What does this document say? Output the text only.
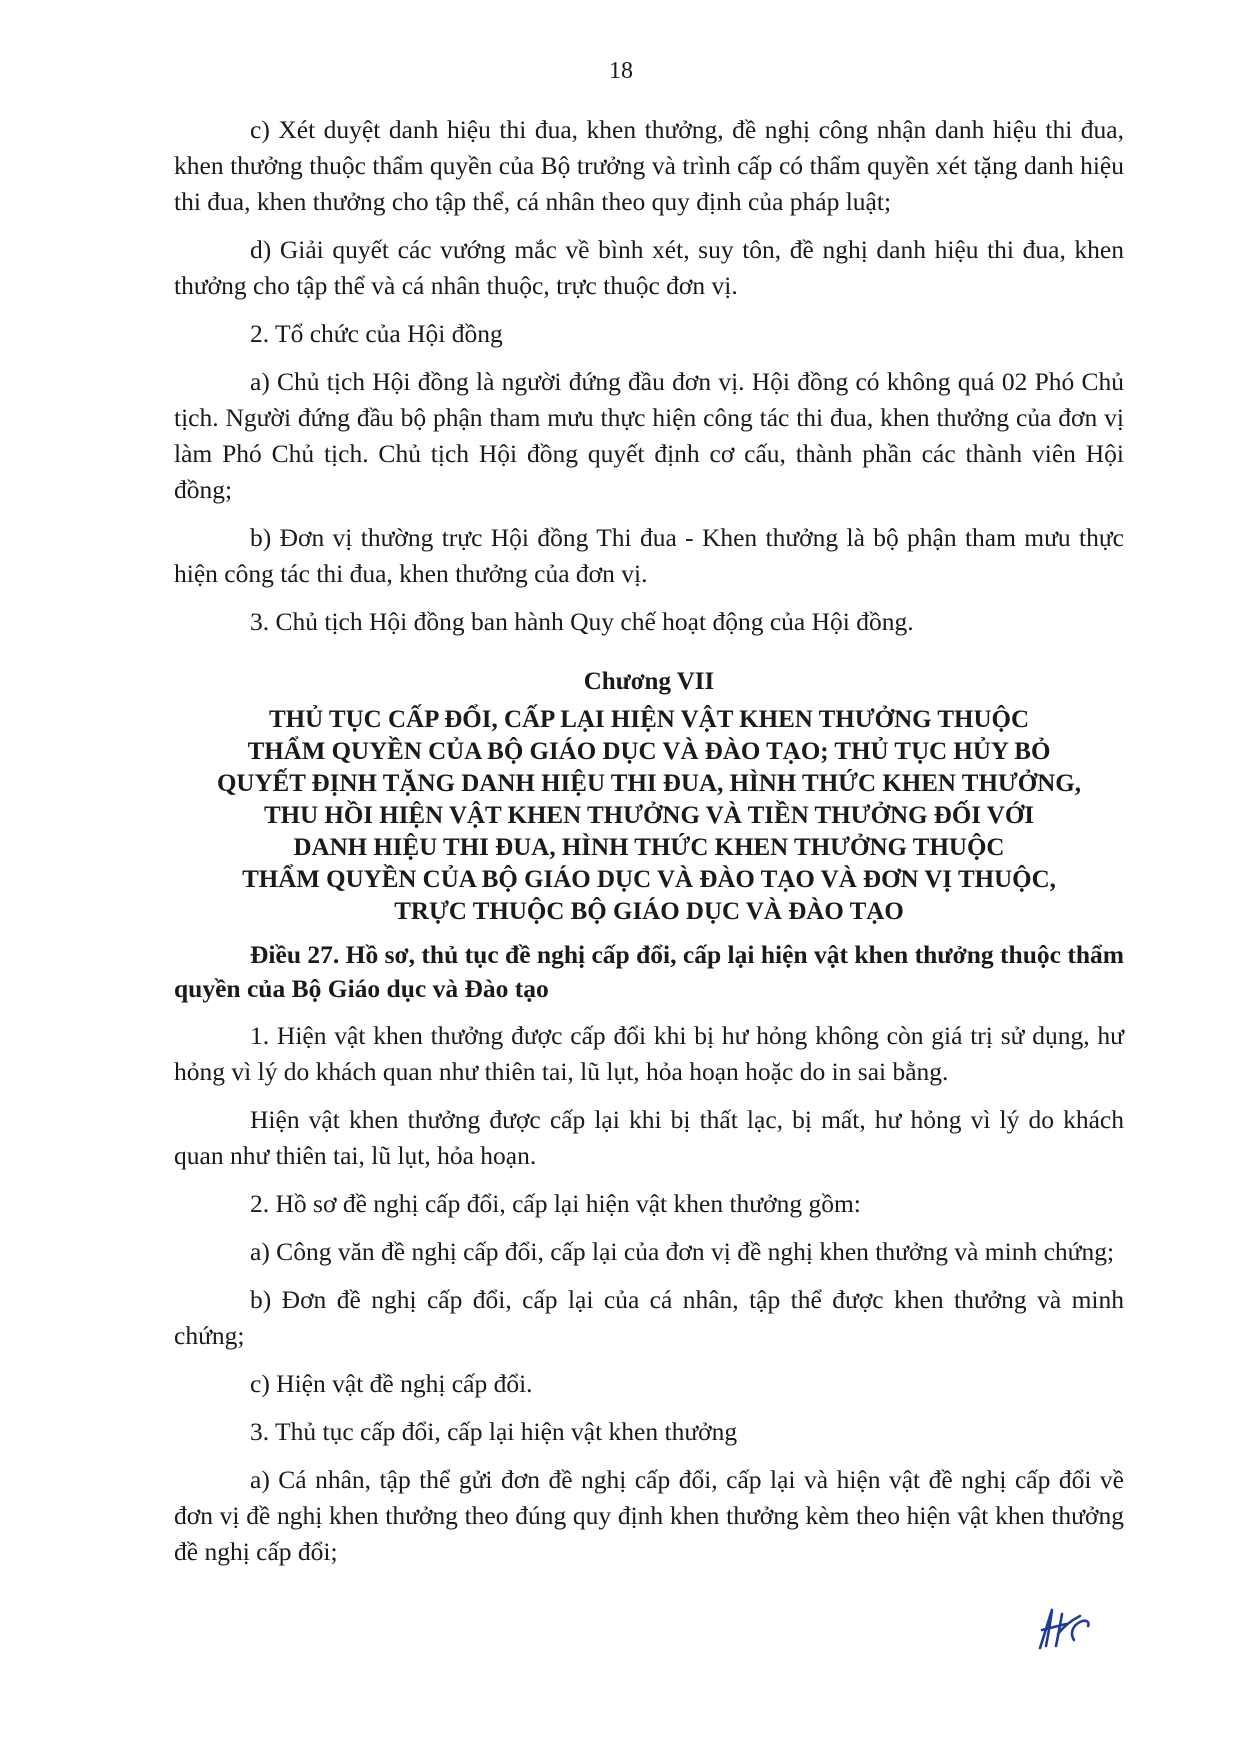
18

c) Xét duyệt danh hiệu thi đua, khen thưởng, đề nghị công nhận danh hiệu thi đua, khen thưởng thuộc thẩm quyền của Bộ trưởng và trình cấp có thẩm quyền xét tặng danh hiệu thi đua, khen thưởng cho tập thể, cá nhân theo quy định của pháp luật;

d) Giải quyết các vướng mắc về bình xét, suy tôn, đề nghị danh hiệu thi đua, khen thưởng cho tập thể và cá nhân thuộc, trực thuộc đơn vị.

2. Tổ chức của Hội đồng

a) Chủ tịch Hội đồng là người đứng đầu đơn vị. Hội đồng có không quá 02 Phó Chủ tịch. Người đứng đầu bộ phận tham mưu thực hiện công tác thi đua, khen thưởng của đơn vị làm Phó Chủ tịch. Chủ tịch Hội đồng quyết định cơ cấu, thành phần các thành viên Hội đồng;

b) Đơn vị thường trực Hội đồng Thi đua - Khen thưởng là bộ phận tham mưu thực hiện công tác thi đua, khen thưởng của đơn vị.

3. Chủ tịch Hội đồng ban hành Quy chế hoạt động của Hội đồng.

Chương VII
THỦ TỤC CẤP ĐỔI, CẤP LẠI HIỆN VẬT KHEN THƯỞNG THUỘC
THẨM QUYỀN CỦA BỘ GIÁO DỤC VÀ ĐÀO TẠO; THỦ TỤC HỦY BỎ
QUYẾT ĐỊNH TẶNG DANH HIỆU THI ĐUA, HÌNH THỨC KHEN THƯỞNG,
THU HỒI HIỆN VẬT KHEN THƯỞNG VÀ TIỀN THƯỞNG ĐỐI VỚI
DANH HIỆU THI ĐUA, HÌNH THỨC KHEN THƯỞNG THUỘC
THẨM QUYỀN CỦA BỘ GIÁO DỤC VÀ ĐÀO TẠO VÀ ĐƠN VỊ THUỘC,
TRỰC THUỘC BỘ GIÁO DỤC VÀ ĐÀO TẠO

Điều 27. Hồ sơ, thủ tục đề nghị cấp đổi, cấp lại hiện vật khen thưởng thuộc thẩm quyền của Bộ Giáo dục và Đào tạo

1. Hiện vật khen thưởng được cấp đổi khi bị hư hỏng không còn giá trị sử dụng, hư hỏng vì lý do khách quan như thiên tai, lũ lụt, hỏa hoạn hoặc do in sai bằng.

Hiện vật khen thưởng được cấp lại khi bị thất lạc, bị mất, hư hỏng vì lý do khách quan như thiên tai, lũ lụt, hỏa hoạn.

2. Hồ sơ đề nghị cấp đổi, cấp lại hiện vật khen thưởng gồm:

a) Công văn đề nghị cấp đổi, cấp lại của đơn vị đề nghị khen thưởng và minh chứng;

b) Đơn đề nghị cấp đổi, cấp lại của cá nhân, tập thể được khen thưởng và minh chứng;

c) Hiện vật đề nghị cấp đổi.

3. Thủ tục cấp đổi, cấp lại hiện vật khen thưởng

a) Cá nhân, tập thể gửi đơn đề nghị cấp đổi, cấp lại và hiện vật đề nghị cấp đổi về đơn vị đề nghị khen thưởng theo đúng quy định khen thưởng kèm theo hiện vật khen thưởng đề nghị cấp đổi;
